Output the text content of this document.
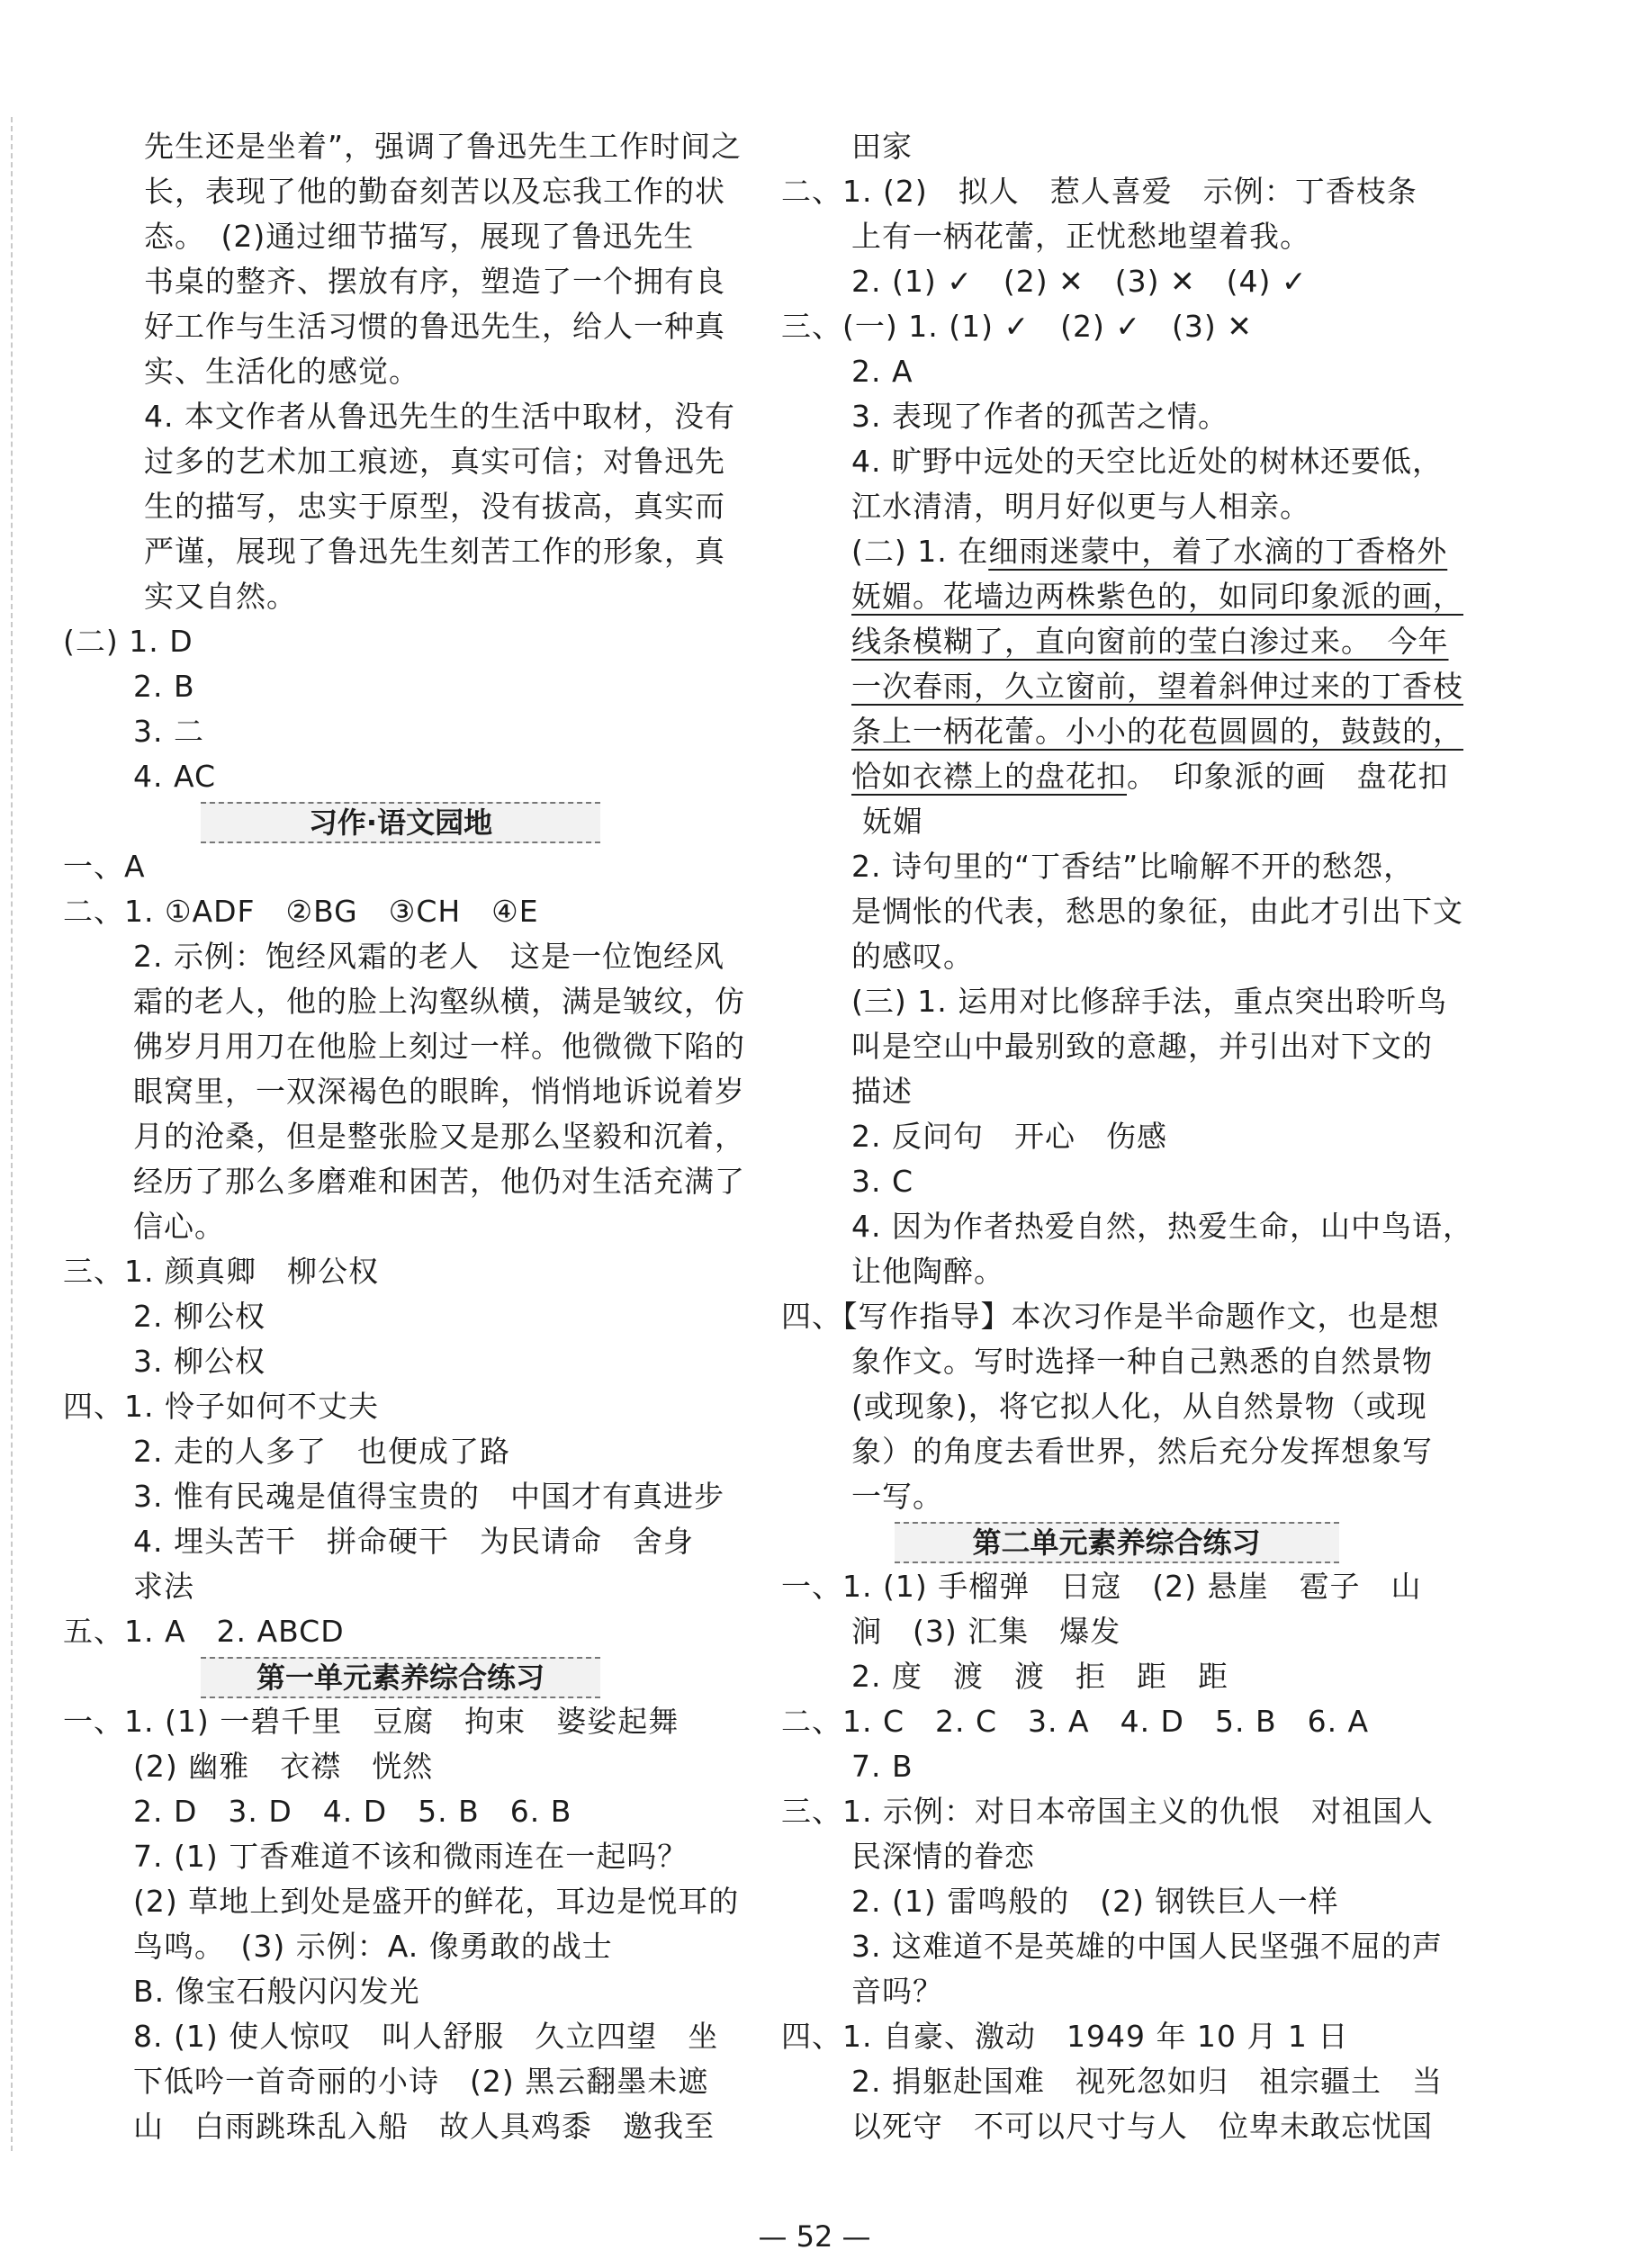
先生还是坐着”，强调了鲁迅先生工作时间之
长，表现了他的勤奋刻苦以及忘我工作的状
态。　(2)通过细节描写，展现了鲁迅先生
书桌的整齐、摆放有序，塑造了一个拥有良
好工作与生活习惯的鲁迅先生，给人一种真
实、生活化的感觉。
4. 本文作者从鲁迅先生的生活中取材，没有
过多的艺术加工痕迹，真实可信；对鲁迅先
生的描写，忠实于原型，没有拔高，真实而
严谨，展现了鲁迅先生刻苦工作的形象，真
实又自然。
(二) 1. D
2. B
3. 二
4. AC
习作·语文园地
一、A
二、1. ①ADF　②BG　③CH　④E
2. 示例：饱经风霜的老人　这是一位饱经风
霜的老人，他的脸上沟壑纵横，满是皱纹，仿
佛岁月用刀在他脸上刻过一样。他微微下陷的
眼窝里，一双深褐色的眼眸，悄悄地诉说着岁
月的沧桑，但是整张脸又是那么坚毅和沉着，
经历了那么多磨难和困苦，他仍对生活充满了
信心。
三、1. 颜真卿　柳公权
2. 柳公权
3. 柳公权
四、1. 怜子如何不丈夫
2. 走的人多了　也便成了路
3. 惟有民魂是值得宝贵的　中国才有真进步
4. 埋头苦干　拼命硬干　为民请命　舍身
求法
五、1. A　2. ABCD
第一单元素养综合练习
一、1. (1) 一碧千里　豆腐　拘束　婆娑起舞
(2) 幽雅　衣襟　恍然
2. D　3. D　4. D　5. B　6. B
7. (1) 丁香难道不该和微雨连在一起吗？
(2) 草地上到处是盛开的鲜花，耳边是悦耳的
鸟鸣。　(3) 示例：A. 像勇敢的战士
B. 像宝石般闪闪发光
8. (1) 使人惊叹　叫人舒服　久立四望　坐
下低吟一首奇丽的小诗　(2) 黑云翻墨未遮
山　白雨跳珠乱入船　故人具鸡黍　邀我至
田家
二、1. (2)　拟人　惹人喜爱　示例：丁香枝条
上有一柄花蕾，正忧愁地望着我。
2. (1) ✓　(2) ✕　(3) ✕　(4) ✓
三、(一) 1. (1) ✓　(2) ✓　(3) ✕
2. A
3. 表现了作者的孤苦之情。
4. 旷野中远处的天空比近处的树林还要低，
江水清清，明月好似更与人相亲。
(二) 1. 在细雨迷蒙中，着了水滴的丁香格外
妩媚。花墙边两株紫色的，如同印象派的画，
线条模糊了，直向窗前的莹白渗过来。　今年
一次春雨，久立窗前，望着斜伸过来的丁香枝
条上一柄花蕾。小小的花苞圆圆的，鼓鼓的，
恰如衣襟上的盘花扣。　印象派的画　盘花扣
妩媚
2. 诗句里的“丁香结”比喻解不开的愁怨，
是惆怅的代表，愁思的象征，由此才引出下文
的感叹。
(三) 1. 运用对比修辞手法，重点突出聆听鸟
叫是空山中最别致的意趣，并引出对下文的
描述
2. 反问句　开心　伤感
3. C
4. 因为作者热爱自然，热爱生命，山中鸟语，
让他陶醉。
四、【写作指导】本次习作是半命题作文，也是想
象作文。写时选择一种自己熟悉的自然景物
(或现象)，将它拟人化，从自然景物（或现
象）的角度去看世界，然后充分发挥想象写
一写。
第二单元素养综合练习
一、1. (1) 手榴弹　日寇　(2) 悬崖　雹子　山
涧　(3) 汇集　爆发
2. 度　渡　渡　拒　距　距
二、1. C　2. C　3. A　4. D　5. B　6. A
7. B
三、1. 示例：对日本帝国主义的仇恨　对祖国人
民深情的眷恋
2. (1) 雷鸣般的　(2) 钢铁巨人一样
3. 这难道不是英雄的中国人民坚强不屈的声
音吗？
四、1. 自豪、激动　1949 年 10 月 1 日
2. 捐躯赴国难　视死忽如归　祖宗疆土　当
以死守　不可以尺寸与人　位卑未敢忘忧国
— 52 —
